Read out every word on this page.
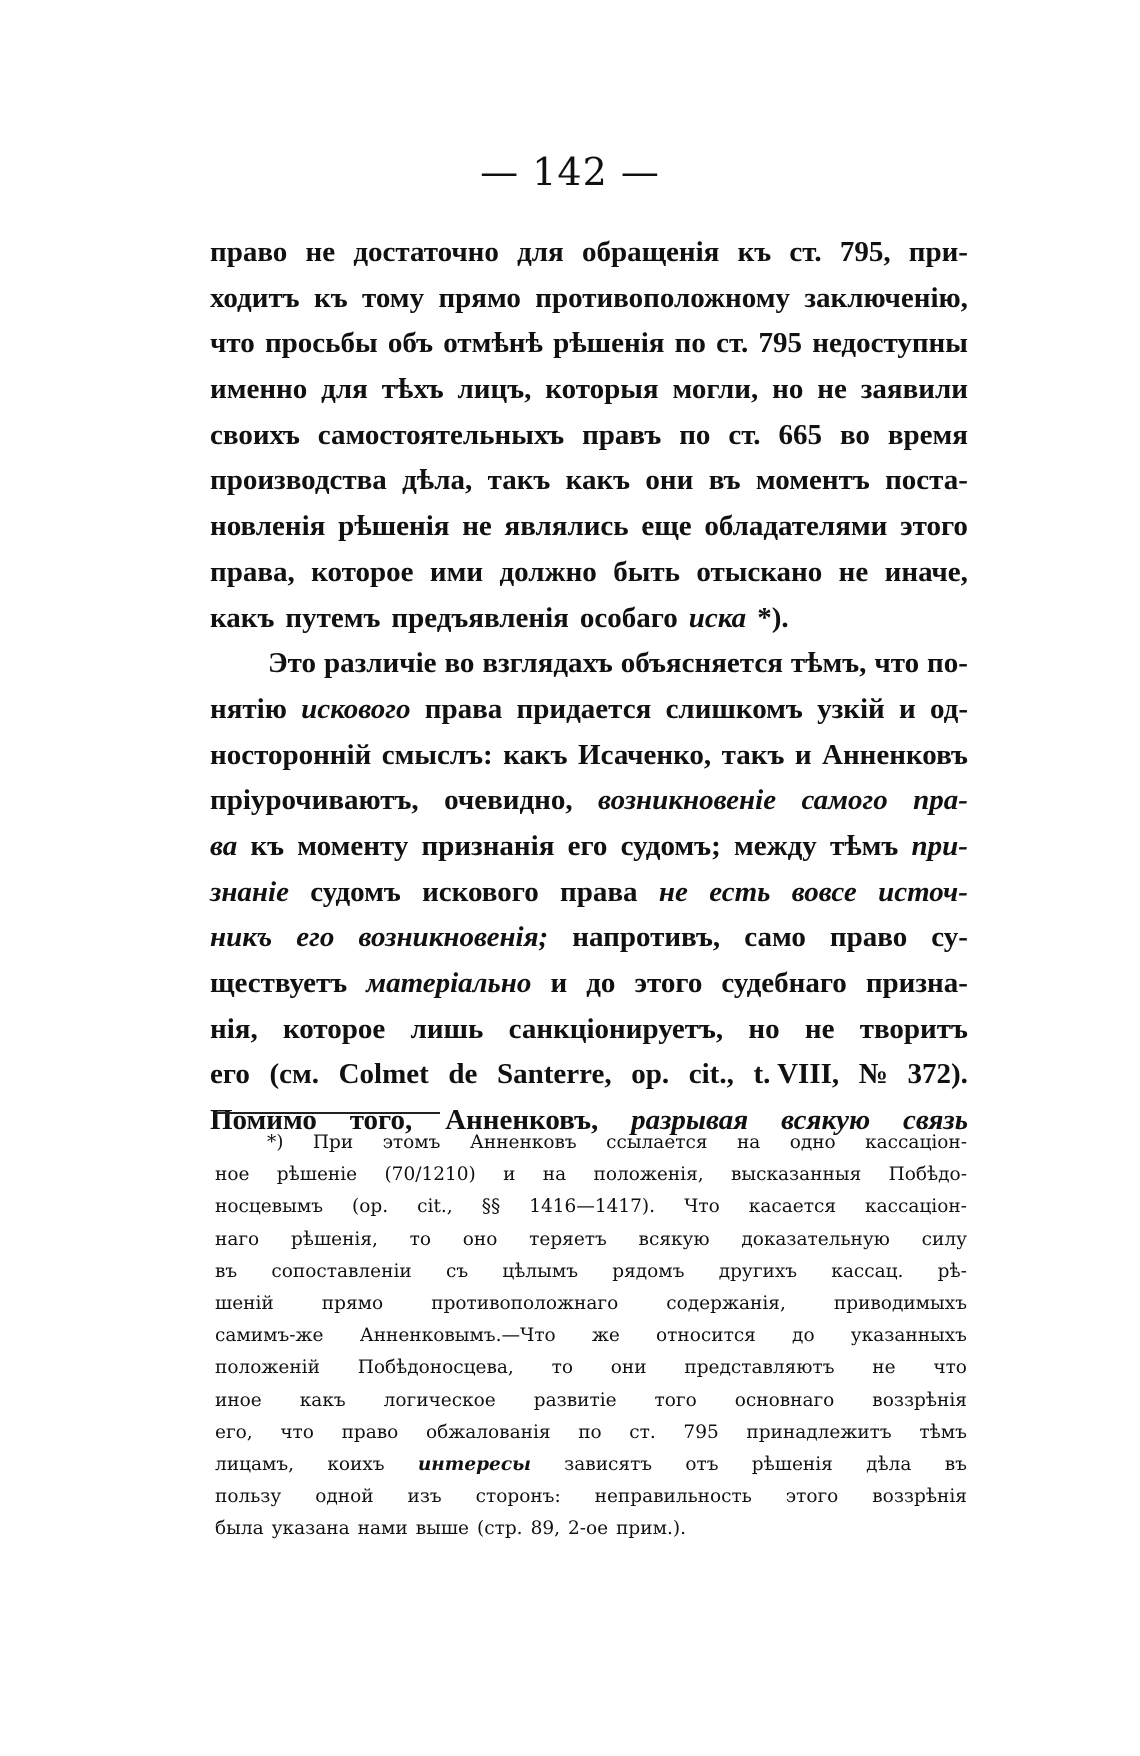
— 142 —
право не достаточно для обращенія къ ст. 795, при-
ходитъ къ тому прямо противоположному заключенію,
что просьбы объ отмѣнѣ рѣшенія по ст. 795 недоступны
именно для тѣхъ лицъ, которыя могли, но не заявили
своихъ самостоятельныхъ правъ по ст. 665 во время
производства дѣла, такъ какъ они въ моментъ поста-
новленія рѣшенія не являлись еще обладателями этого
права, которое ими должно быть отыскано не иначе,
какъ путемъ предъявленія особаго иска *).
Это различіе во взглядахъ объясняется тѣмъ, что по-
нятію искового права придается слишкомъ узкій и од-
носторонній смыслъ: какъ Исаченко, такъ и Анненковъ
пріурочиваютъ, очевидно, возникновеніе самого пра-
ва къ моменту признанія его судомъ; между тѣмъ при-
знаніе судомъ искового права не есть вовсе источ-
никъ его возникновенія; напротивъ, само право су-
ществуетъ матеріально и до этого судебнаго призна-
нія, которое лишь санкціонируетъ, но не творитъ
его (см. Colmet de Santerre, op. cit., t. VIII, № 372).
Помимо того, Анненковъ, разрывая всякую связь
*) При этомъ Анненковъ ссылается на одно кассаціон-
ное рѣшеніе (70/1210) и на положенія, высказанныя Побѣдо-
носцевымъ (op. cit., §§ 1416—1417). Что касается кассаціон-
наго рѣшенія, то оно теряетъ всякую доказательную силу
въ сопоставленіи съ цѣлымъ рядомъ другихъ кассац. рѣ-
шеній	прямо	противоположнаго	содержанія,	приводимыхъ
самимъ-же Анненковымъ.—Что же относится до указанныхъ
положеній Побѣдоносцева, то они представляютъ не что
иное какъ логическое развитіе того основнаго воззрѣнія
его, что право обжалованія по ст. 795 принадлежитъ тѣмъ
лицамъ, коихъ интересы зависятъ отъ рѣшенія дѣла въ
пользу одной изъ сторонъ: неправильность этого воззрѣнія
была указана нами выше (стр. 89, 2-ое прим.).
